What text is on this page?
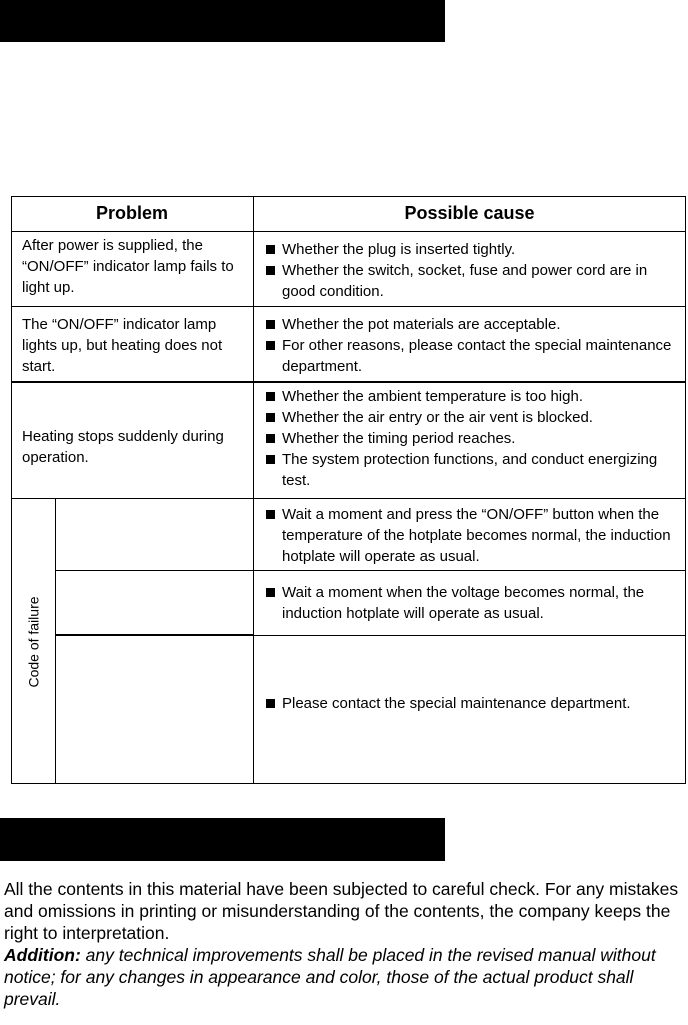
Problem	Possible cause
After power is supplied, the “ON/OFF” indicator lamp fails to light up.
Whether the plug is inserted tightly.
Whether the switch, socket, fuse and power cord are in good condition.
The “ON/OFF” indicator lamp lights up, but heating does not start.
Whether the pot materials are acceptable.
For other reasons, please contact the special maintenance department.
Heating stops suddenly during operation.
Whether the ambient temperature is too high.
Whether the air entry or the air vent is blocked.
Whether the timing period reaches.
The system protection functions, and conduct energizing test.
Code of failure
Wait a moment and press the “ON/OFF” button when the temperature of the hotplate becomes normal, the induction hotplate will operate as usual.
Wait a moment when the voltage becomes normal, the induction hotplate will operate as usual.
Please contact the special maintenance department.
All the contents in this material have been subjected to careful check. For any mistakes and omissions in printing or misunderstanding of the contents, the company keeps the right to interpretation.
Addition: any technical improvements shall be placed in the revised manual without notice; for any changes in appearance and color, those of the actual product shall prevail.
